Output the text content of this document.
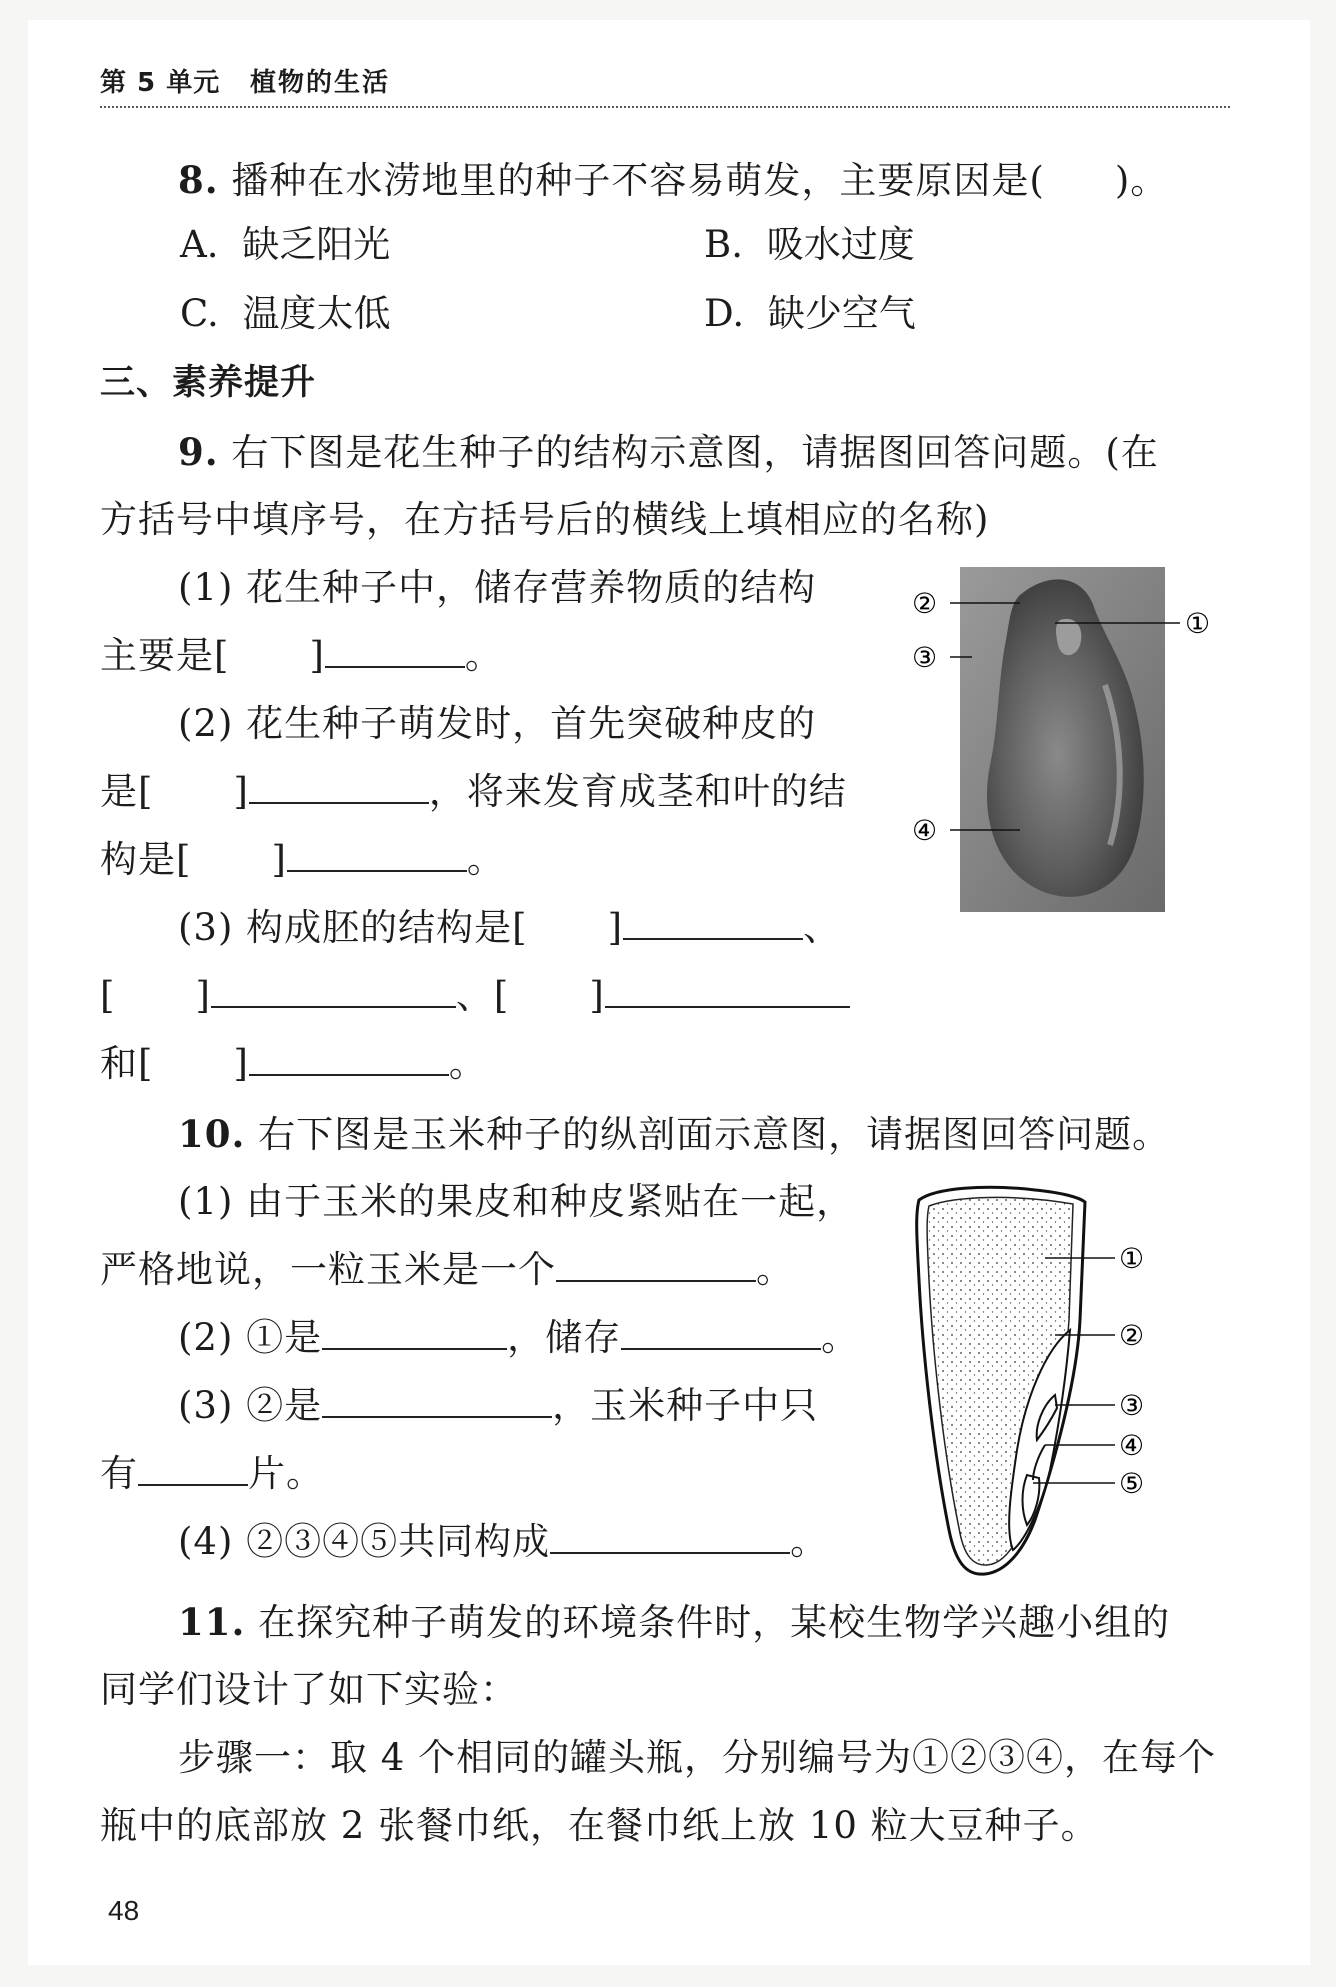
第 5 单元 植物的生活
8. 播种在水涝地里的种子不容易萌发，主要原因是( )。
A. 缺乏阳光	B. 吸水过度
C. 温度太低	D. 缺少空气
三、素养提升
9. 右下图是花生种子的结构示意图，请据图回答问题。(在
方括号中填序号，在方括号后的横线上填相应的名称)
(1) 花生种子中，储存营养物质的结构
主要是[ ]	。
(2) 花生种子萌发时，首先突破种皮的
是[ ]	，将来发育成茎和叶的结
构是[ ]	。
(3) 构成胚的结构是[ ]	、
[ ]	、[ ]
和[ ]	。
②
①
③
④
10. 右下图是玉米种子的纵剖面示意图，请据图回答问题。
(1) 由于玉米的果皮和种皮紧贴在一起，
严格地说，一粒玉米是一个	。
(2) ①是	，储存	。
(3) ②是	，玉米种子中只
有	片。
(4) ②③④⑤共同构成	。
①
②
③
④
⑤
11. 在探究种子萌发的环境条件时，某校生物学兴趣小组的
同学们设计了如下实验：
步骤一：取 4 个相同的罐头瓶，分别编号为①②③④，在每个
瓶中的底部放 2 张餐巾纸，在餐巾纸上放 10 粒大豆种子。
48
